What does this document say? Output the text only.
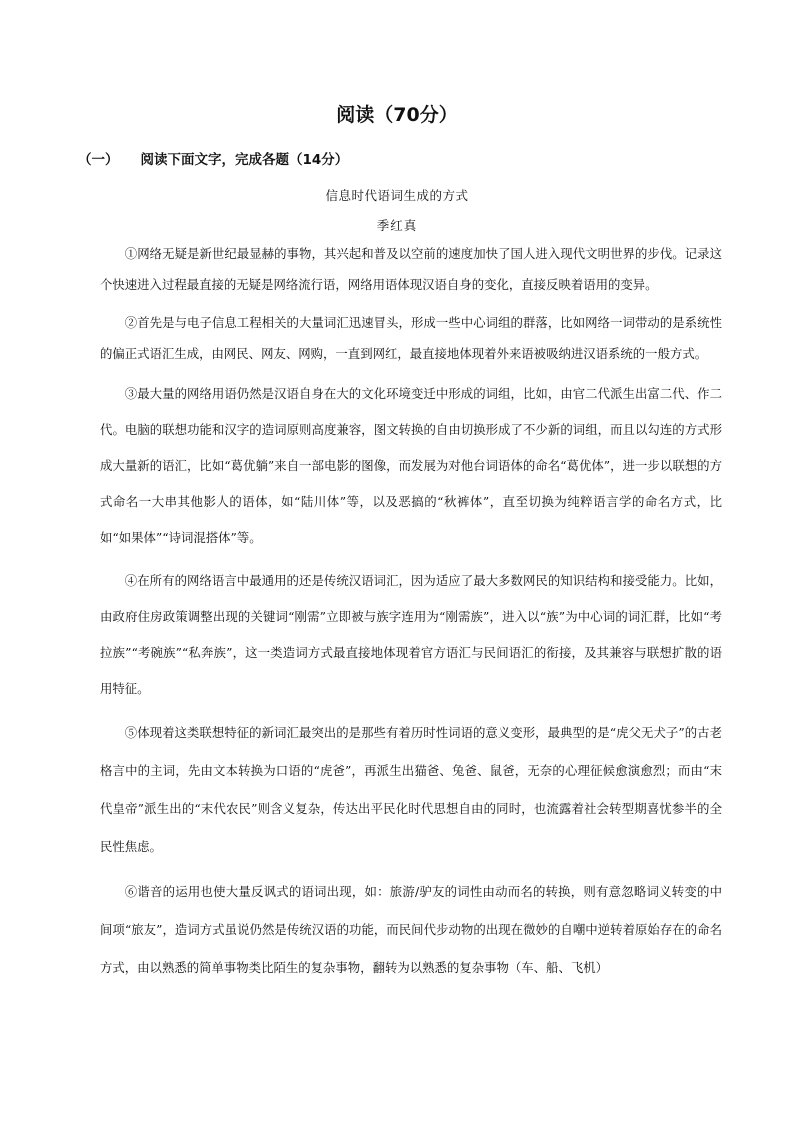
阅读（70分）
（一） 阅读下面文字，完成各题（14分）
信息时代语词生成的方式
季红真

①网络无疑是新世纪最显赫的事物，其兴起和普及以空前的速度加快了国人进入现代文明世界的步伐。记录这个快速进入过程最直接的无疑是网络流行语，网络用语体现汉语自身的变化，直接反映着语用的变异。

②首先是与电子信息工程相关的大量词汇迅速冒头，形成一些中心词组的群落，比如网络一词带动的是系统性的偏正式语汇生成，由网民、网友、网购，一直到网红，最直接地体现着外来语被吸纳进汉语系统的一般方式。

③最大量的网络用语仍然是汉语自身在大的文化环境变迁中形成的词组，比如，由官二代派生出富二代、作二代。电脑的联想功能和汉字的造词原则高度兼容，图文转换的自由切换形成了不少新的词组，而且以勾连的方式形成大量新的语汇，比如“葛优躺”来自一部电影的图像，而发展为对他台词语体的命名“葛优体”，进一步以联想的方式命名一大串其他影人的语体，如“陆川体”等，以及恶搞的“秋裤体”，直至切换为纯粹语言学的命名方式，比如“如果体”“诗词混搭体”等。

④在所有的网络语言中最通用的还是传统汉语词汇，因为适应了最大多数网民的知识结构和接受能力。比如，由政府住房政策调整出现的关键词“刚需”立即被与族字连用为“刚需族”，进入以“族”为中心词的词汇群，比如“考拉族”“考碗族”“私奔族”，这一类造词方式最直接地体现着官方语汇与民间语汇的衔接，及其兼容与联想扩散的语用特征。

⑤体现着这类联想特征的新词汇最突出的是那些有着历时性词语的意义变形，最典型的是“虎父无犬子”的古老格言中的主词，先由文本转换为口语的“虎爸”，再派生出猫爸、兔爸、鼠爸，无奈的心理征候愈演愈烈；而由“末代皇帝”派生出的“末代农民”则含义复杂，传达出平民化时代思想自由的同时，也流露着社会转型期喜忧参半的全民性焦虑。

⑥谐音的运用也使大量反讽式的语词出现，如：旅游/驴友的词性由动而名的转换，则有意忽略词义转变的中间项“旅友”，造词方式虽说仍然是传统汉语的功能，而民间代步动物的出现在微妙的自嘲中逆转着原始存在的命名方式，由以熟悉的简单事物类比陌生的复杂事物，翻转为以熟悉的复杂事物（车、船、飞机）
